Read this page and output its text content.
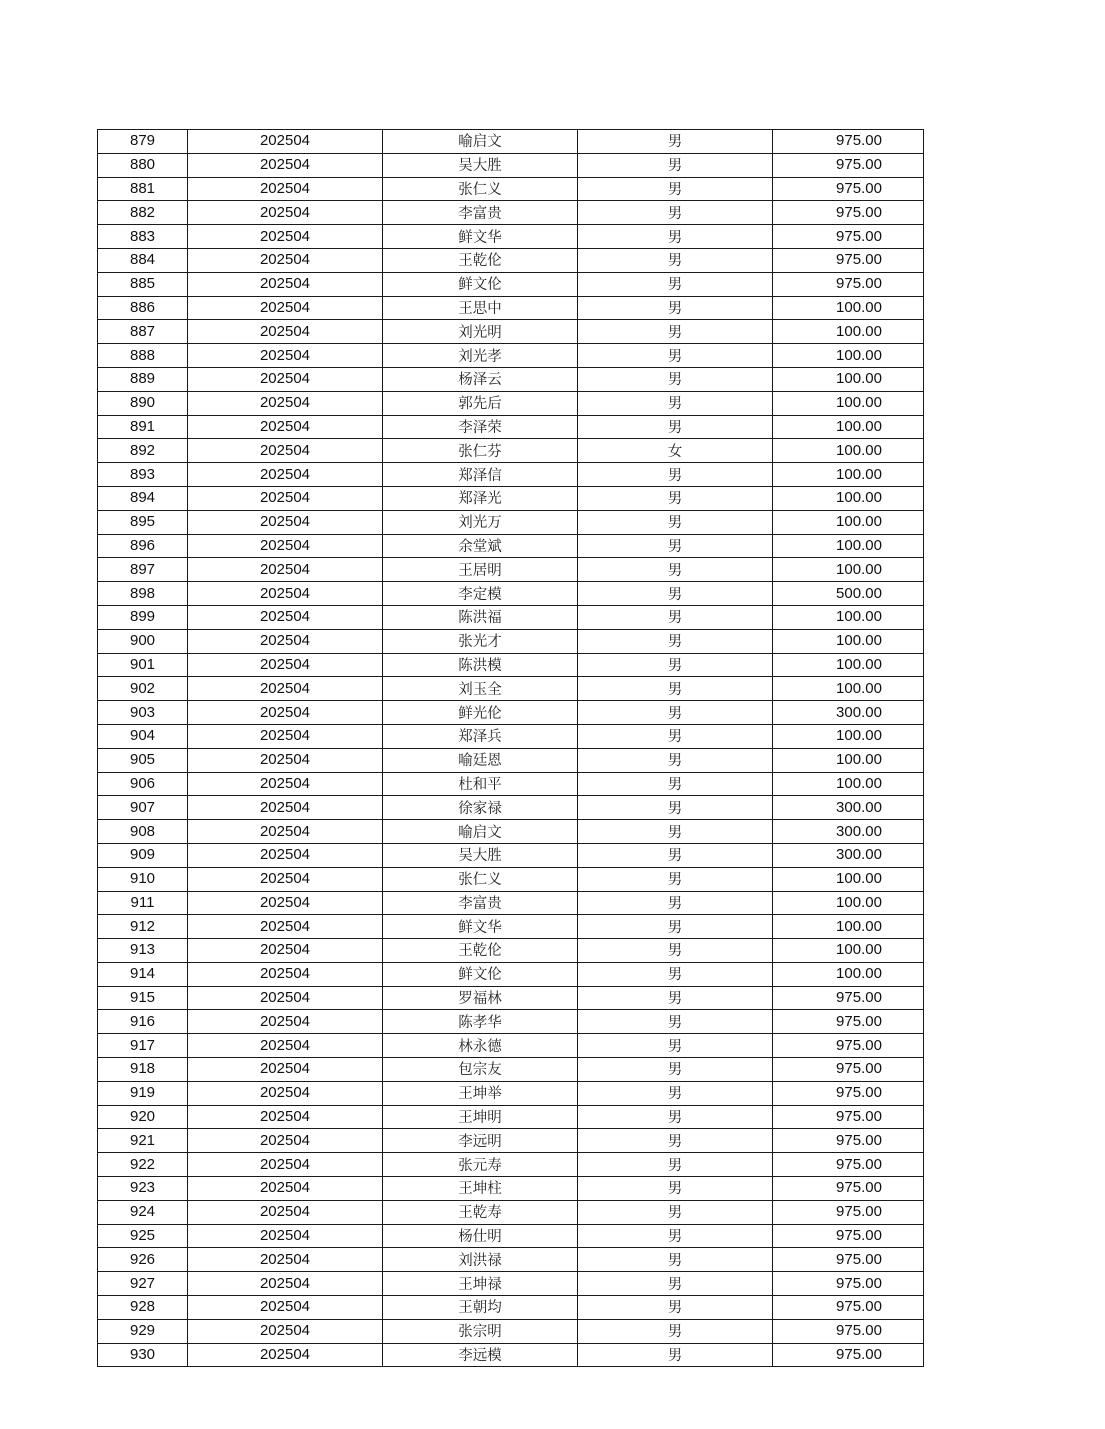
879	202504	喻启文	男	975.00
880	202504	吴大胜	男	975.00
881	202504	张仁义	男	975.00
882	202504	李富贵	男	975.00
883	202504	鲜文华	男	975.00
884	202504	王乾伦	男	975.00
885	202504	鲜文伦	男	975.00
886	202504	王思中	男	100.00
887	202504	刘光明	男	100.00
888	202504	刘光孝	男	100.00
889	202504	杨泽云	男	100.00
890	202504	郭先后	男	100.00
891	202504	李泽荣	男	100.00
892	202504	张仁芬	女	100.00
893	202504	郑泽信	男	100.00
894	202504	郑泽光	男	100.00
895	202504	刘光万	男	100.00
896	202504	余堂斌	男	100.00
897	202504	王居明	男	100.00
898	202504	李定模	男	500.00
899	202504	陈洪福	男	100.00
900	202504	张光才	男	100.00
901	202504	陈洪模	男	100.00
902	202504	刘玉全	男	100.00
903	202504	鲜光伦	男	300.00
904	202504	郑泽兵	男	100.00
905	202504	喻廷恩	男	100.00
906	202504	杜和平	男	100.00
907	202504	徐家禄	男	300.00
908	202504	喻启文	男	300.00
909	202504	吴大胜	男	300.00
910	202504	张仁义	男	100.00
911	202504	李富贵	男	100.00
912	202504	鲜文华	男	100.00
913	202504	王乾伦	男	100.00
914	202504	鲜文伦	男	100.00
915	202504	罗福林	男	975.00
916	202504	陈孝华	男	975.00
917	202504	林永德	男	975.00
918	202504	包宗友	男	975.00
919	202504	王坤举	男	975.00
920	202504	王坤明	男	975.00
921	202504	李远明	男	975.00
922	202504	张元寿	男	975.00
923	202504	王坤柱	男	975.00
924	202504	王乾寿	男	975.00
925	202504	杨仕明	男	975.00
926	202504	刘洪禄	男	975.00
927	202504	王坤禄	男	975.00
928	202504	王朝均	男	975.00
929	202504	张宗明	男	975.00
930	202504	李远模	男	975.00
